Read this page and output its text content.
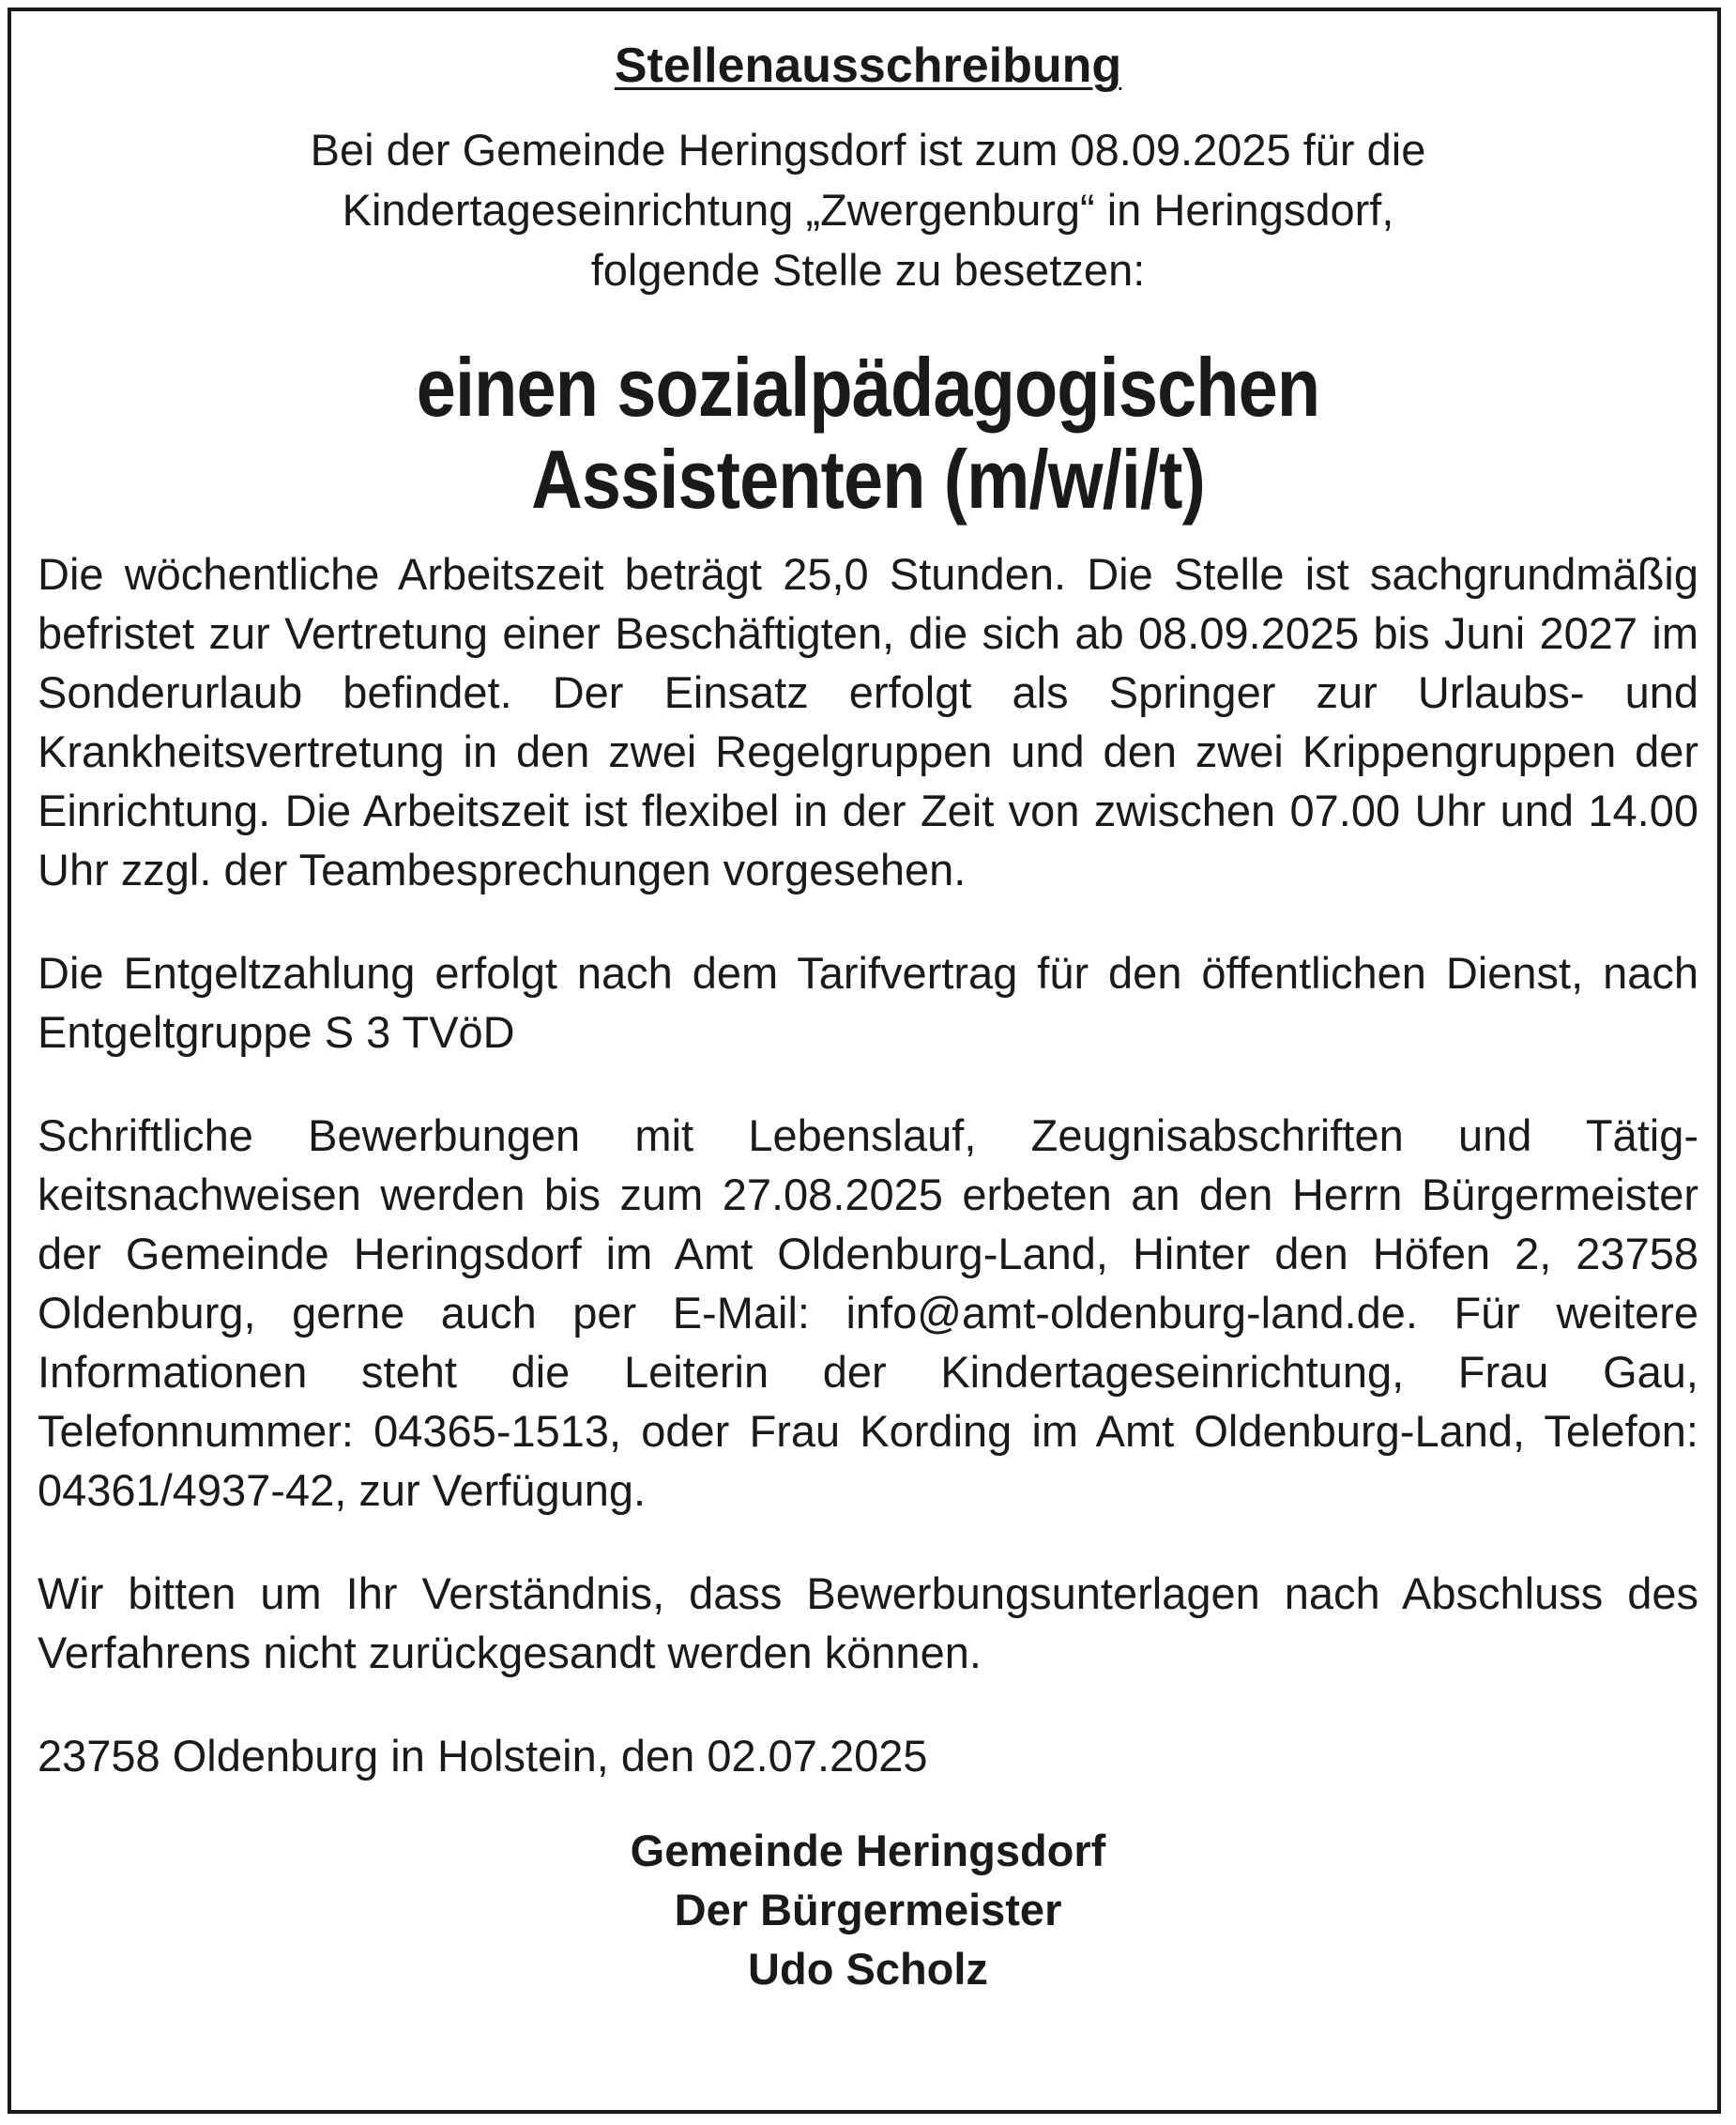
Stellenausschreibung
Bei der Gemeinde Heringsdorf ist zum 08.09.2025 für die
Kindertageseinrichtung „Zwergenburg“ in Heringsdorf,
folgende Stelle zu besetzen:
einen sozialpädagogischen
Assistenten (m/w/i/t)

Die wöchentliche Arbeitszeit beträgt 25,0 Stunden. Die Stelle ist sachgrundmäßig befristet zur Vertretung einer Beschäftigten, die sich ab 08.09.2025 bis Juni 2027 im Sonderurlaub befindet. Der Einsatz erfolgt als Springer zur Urlaubs- und Krankheitsvertretung in den zwei Regelgruppen und den zwei Krippengruppen der Einrichtung. Die Arbeitszeit ist flexibel in der Zeit von zwischen 07.00 Uhr und 14.00 Uhr zzgl. der Teambesprechungen vorgesehen.

Die Entgeltzahlung erfolgt nach dem Tarifvertrag für den öffentlichen Dienst, nach Entgeltgruppe S 3 TVöD

Schriftliche Bewerbungen mit Lebenslauf, Zeugnisabschriften und Tätigkeitsnachweisen werden bis zum 27.08.2025 erbeten an den Herrn Bürgermeister der Gemeinde Heringsdorf im Amt Oldenburg-Land, Hinter den Höfen 2, 23758 Oldenburg, gerne auch per E-Mail: info@amt-oldenburg-land.de. Für weitere Informationen steht die Leiterin der Kindertageseinrichtung, Frau Gau, Telefonnummer: 04365-1513, oder Frau Kording im Amt Oldenburg-Land, Telefon: 04361/4937-42, zur Verfügung.

Wir bitten um Ihr Verständnis, dass Bewerbungsunterlagen nach Abschluss des Verfahrens nicht zurückgesandt werden können.

23758 Oldenburg in Holstein, den 02.07.2025
Gemeinde Heringsdorf
Der Bürgermeister
Udo Scholz
